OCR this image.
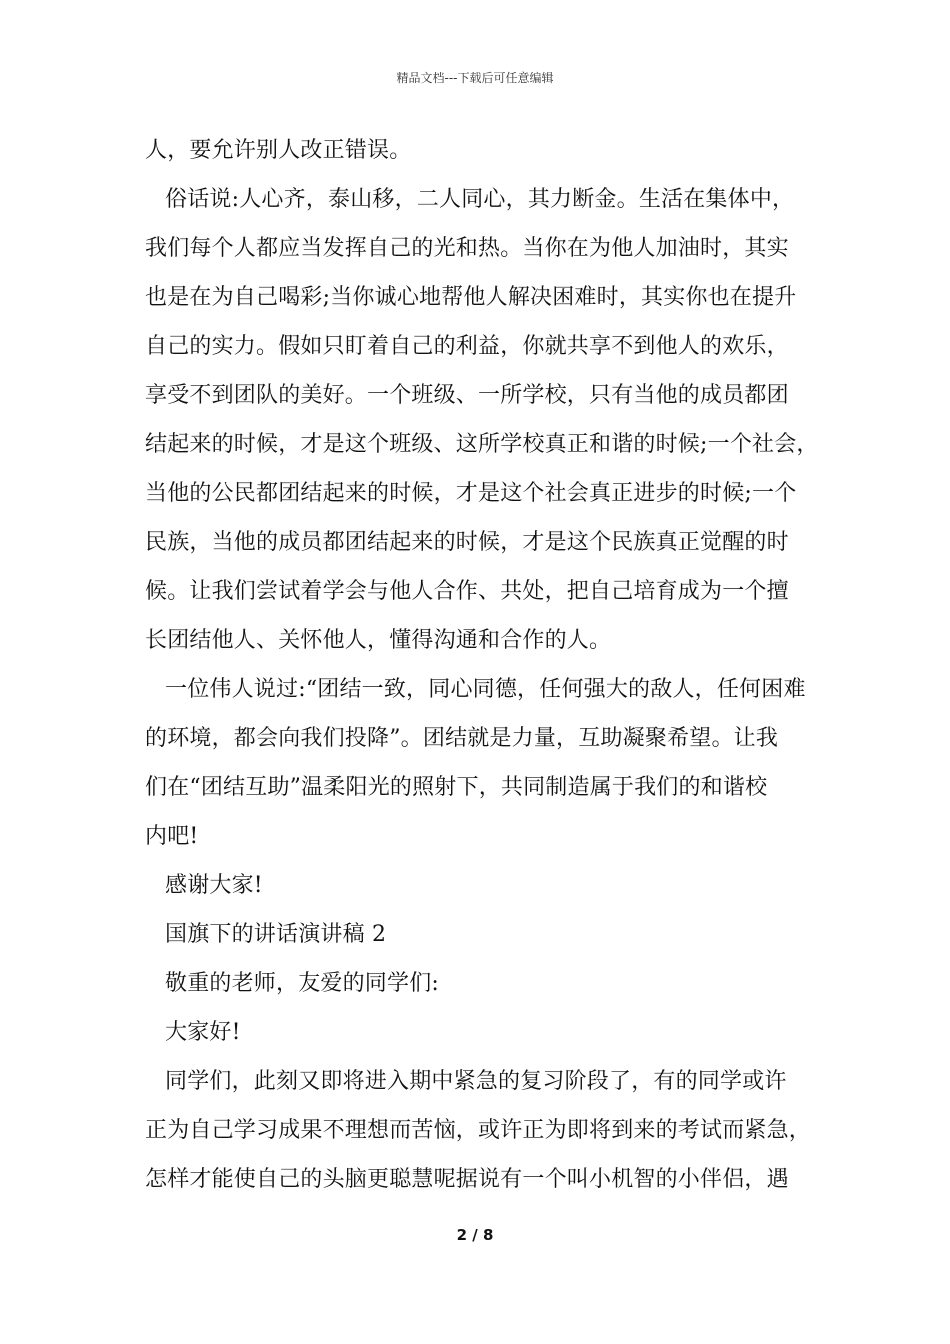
精品文档---下载后可任意编辑
人，要允许别人改正错误。
俗话说:人心齐，泰山移，二人同心，其力断金。生活在集体中，
我们每个人都应当发挥自己的光和热。当你在为他人加油时，其实
也是在为自己喝彩;当你诚心地帮他人解决困难时，其实你也在提升
自己的实力。假如只盯着自己的利益，你就共享不到他人的欢乐，
享受不到团队的美好。一个班级、一所学校，只有当他的成员都团
结起来的时候，才是这个班级、这所学校真正和谐的时候;一个社会，
当他的公民都团结起来的时候，才是这个社会真正进步的时候;一个
民族，当他的成员都团结起来的时候，才是这个民族真正觉醒的时
候。让我们尝试着学会与他人合作、共处，把自己培育成为一个擅
长团结他人、关怀他人，懂得沟通和合作的人。
一位伟人说过:“团结一致，同心同德，任何强大的敌人，任何困难
的环境，都会向我们投降”。团结就是力量，互助凝聚希望。让我
们在“团结互助”温柔阳光的照射下，共同制造属于我们的和谐校
内吧!
感谢大家!
国旗下的讲话演讲稿 2
敬重的老师，友爱的同学们:
大家好!
同学们，此刻又即将进入期中紧急的复习阶段了，有的同学或许
正为自己学习成果不理想而苦恼，或许正为即将到来的考试而紧急，
怎样才能使自己的头脑更聪慧呢据说有一个叫小机智的小伴侣，遇
2 / 8
